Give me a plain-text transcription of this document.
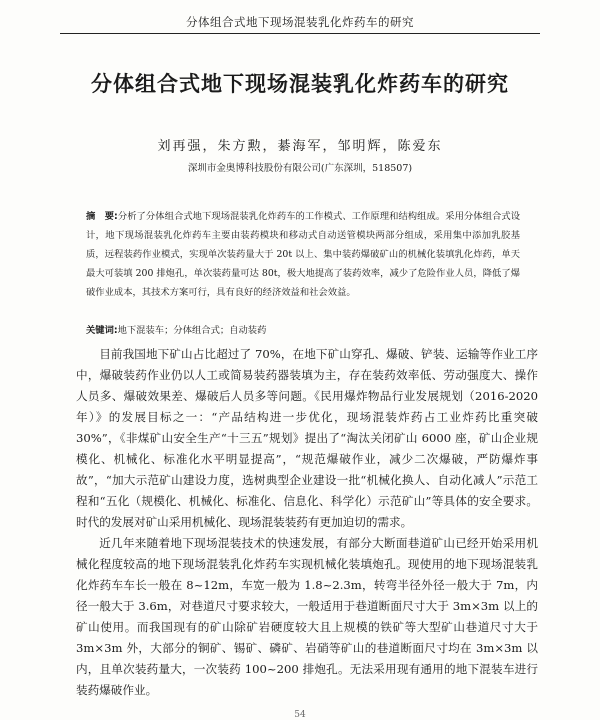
分体组合式地下现场混装乳化炸药车的研究
分体组合式地下现场混装乳化炸药车的研究
刘再强，朱方勲，綦海军，邹明辉，陈爱东
深圳市金奥博科技股份有限公司(广东深圳，518507)
摘　要:分析了分体组合式地下现场混装乳化炸药车的工作模式、工作原理和结构组成。采用分体组合式设计，地下现场混装乳化炸药车主要由装药模块和移动式自动送管模块两部分组成，采用集中添加乳胶基质，远程装药作业模式，实现单次装药量大于 20t 以上、集中装药爆破矿山的机械化装填乳化炸药，单天最大可装填 200 排炮孔，单次装药量可达 80t，极大地提高了装药效率，减少了危险作业人员，降低了爆破作业成本，其技术方案可行，具有良好的经济效益和社会效益。
关键词:地下混装车；分体组合式；自动装药

目前我国地下矿山占比超过了 70%，在地下矿山穿孔、爆破、铲装、运输等作业工序中，爆破装药作业仍以人工或简易装药器装填为主，存在装药效率低、劳动强度大、操作人员多、爆破效果差、爆破后人员多等问题。《民用爆炸物品行业发展规划（2016-2020 年）》的发展目标之一：“产品结构进一步优化，现场混装炸药占工业炸药比重突破 30%”，《非煤矿山安全生产“十三五”规划》提出了“淘汰关闭矿山 6000 座，矿山企业规模化、机械化、标准化水平明显提高”，“规范爆破作业，减少二次爆破，严防爆炸事故”，“加大示范矿山建设力度，选树典型企业建设一批“机械化换人、自动化减人”示范工程和“五化（规模化、机械化、标准化、信息化、科学化）示范矿山”等具体的安全要求。时代的发展对矿山采用机械化、现场混装装药有更加迫切的需求。

近几年来随着地下现场混装技术的快速发展，有部分大断面巷道矿山已经开始采用机械化程度较高的地下现场混装乳化炸药车实现机械化装填炮孔。现使用的地下现场混装乳化炸药车车长一般在 8~12m，车宽一般为 1.8~2.3m，转弯半径外径一般大于 7m，内径一般大于 3.6m，对巷道尺寸要求较大，一般适用于巷道断面尺寸大于 3m×3m 以上的矿山使用。而我国现有的矿山除矿岩硬度较大且上规模的铁矿等大型矿山巷道尺寸大于 3m×3m 外，大部分的铜矿、锡矿、磷矿、岩硝等矿山的巷道断面尺寸均在 3m×3m 以内，且单次装药量大，一次装药 100~200 排炮孔。无法采用现有通用的地下混装车进行装药爆破作业。

54
